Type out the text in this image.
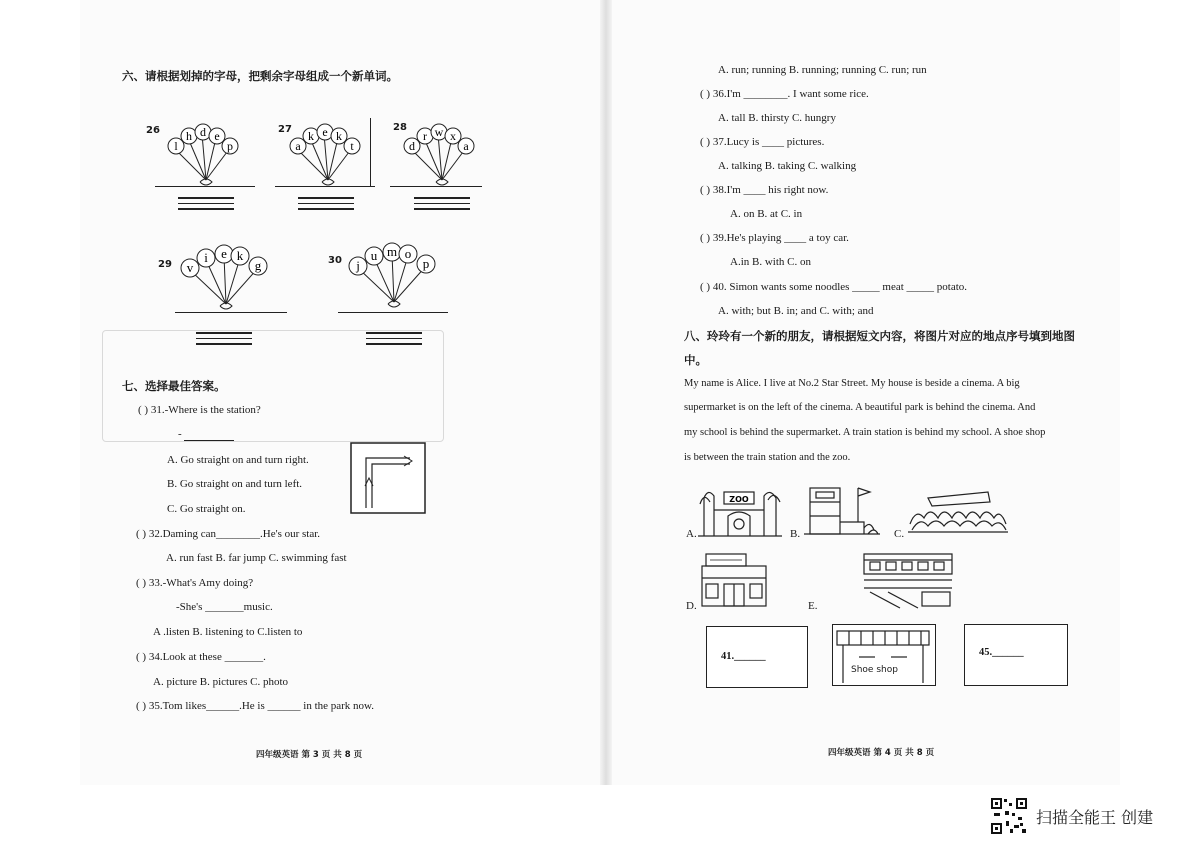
六、请根据划掉的字母，把剩余字母组成一个新单词。
26
l
h d e
p
27
a
k e k
t
28
d
r w x
a
29 v
i e k
g	30 j
u m o
p
七、选择最佳答案。
( ) 31.-Where is the station?
-
A. Go straight on and turn right.
B. Go straight on and turn left.
C. Go straight on.
( ) 32.Daming can________.He's our star.
A. run fast B. far jump C. swimming fast
( ) 33.-What's Amy doing?
-She's _______music.
A .listen B. listening to C.listen to
( ) 34.Look at these _______.
A. picture B. pictures C. photo
( ) 35.Tom likes______.He is ______ in the park now.
四年级英语 第 3 页 共 8 页
A. run; running B. running; running C. run; run
( ) 36.I'm ________. I want some rice.
A. tall B. thirsty C. hungry
( ) 37.Lucy is ____ pictures.
A. talking B. taking C. walking
( ) 38.I'm ____ his right now.
A. on B. at C. in
( ) 39.He's playing ____ a toy car.
A.in B. with C. on
( ) 40. Simon wants some noodles _____ meat _____ potato.
A. with; but B. in; and C. with; and
八、玲玲有一个新的朋友，请根据短文内容，将图片对应的地点序号填到地图
中。
My name is Alice. I live at No.2 Star Street. My house is beside a cinema. A big
supermarket is on the left of the cinema. A beautiful park is behind the cinema. And
my school is behind the supermarket. A train station is behind my school. A shoe shop
is between the train station and the zoo.
A.
ZOO
B.	C.
D.	E.
41.______
Shoe shop
45.______
四年级英语 第 4 页 共 8 页
扫描全能王 创建
